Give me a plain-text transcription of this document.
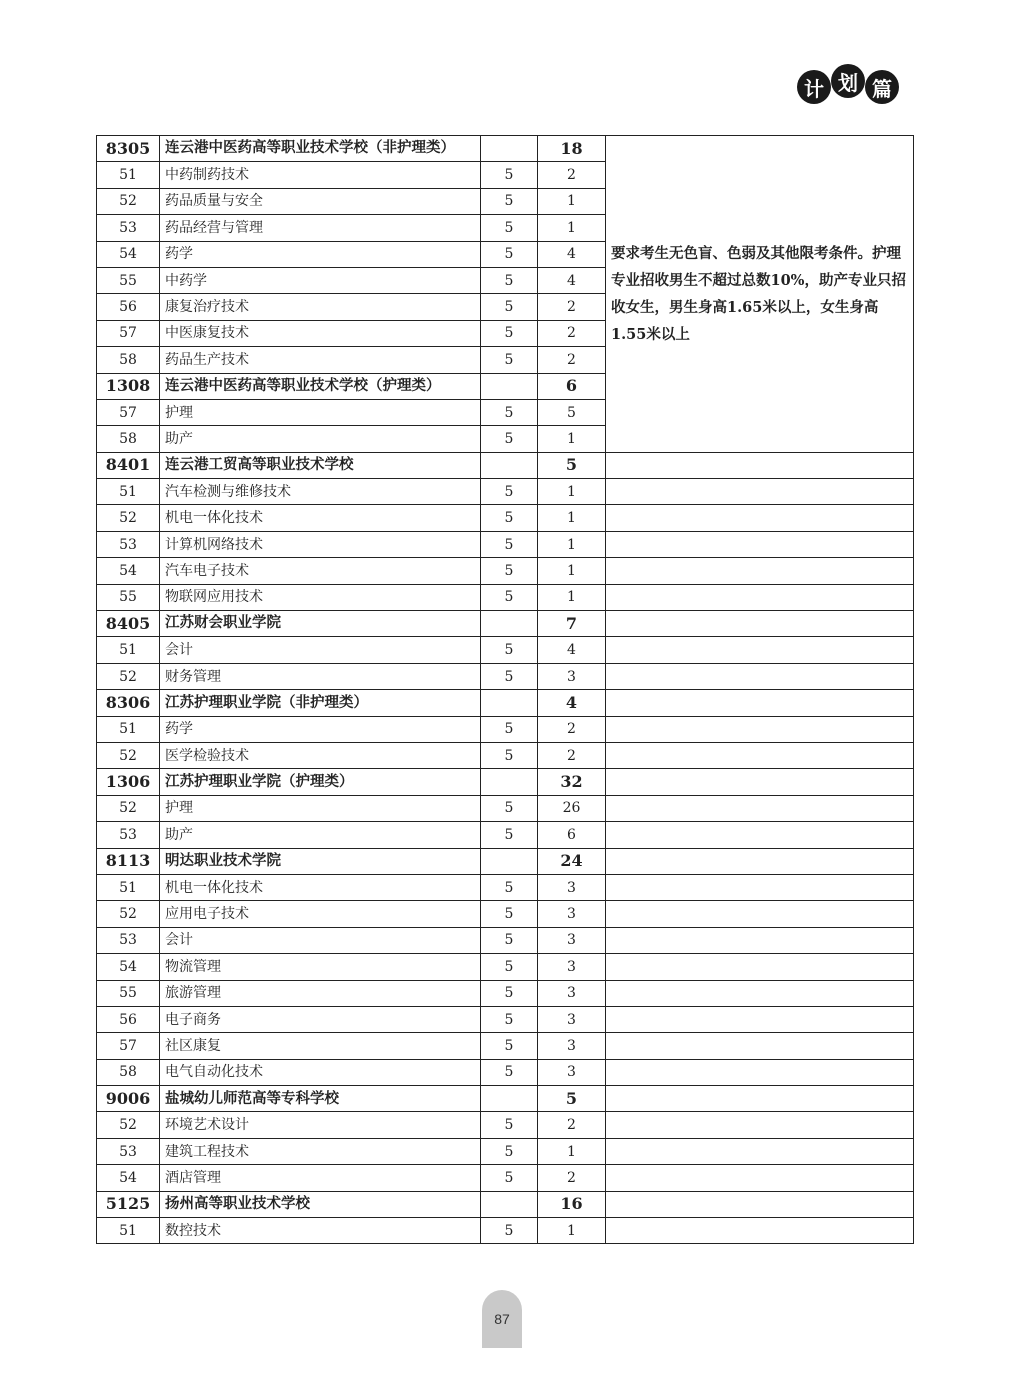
计 划 篇
8305	连云港中医药高等职业技术学校（非护理类）		18	要求考生无色盲、色弱及其他限考条件。护理专业招收男生不超过总数10%，助产专业只招收女生，男生身高1.65米以上，女生身高1.55米以上
51	中药制药技术	5	2	
52	药品质量与安全	5	1	
53	药品经营与管理	5	1	
54	药学	5	4	
55	中药学	5	4	
56	康复治疗技术	5	2	
57	中医康复技术	5	2	
58	药品生产技术	5	2	
1308	连云港中医药高等职业技术学校（护理类）		6	
57	护理	5	5	
58	助产	5	1	
8401	连云港工贸高等职业技术学校		5	
51	汽车检测与维修技术	5	1	
52	机电一体化技术	5	1	
53	计算机网络技术	5	1	
54	汽车电子技术	5	1	
55	物联网应用技术	5	1	
8405	江苏财会职业学院		7	
51	会计	5	4	
52	财务管理	5	3	
8306	江苏护理职业学院（非护理类）		4	
51	药学	5	2	
52	医学检验技术	5	2	
1306	江苏护理职业学院（护理类）		32	
52	护理	5	26	
53	助产	5	6	
8113	明达职业技术学院		24	
51	机电一体化技术	5	3	
52	应用电子技术	5	3	
53	会计	5	3	
54	物流管理	5	3	
55	旅游管理	5	3	
56	电子商务	5	3	
57	社区康复	5	3	
58	电气自动化技术	5	3	
9006	盐城幼儿师范高等专科学校		5	
52	环境艺术设计	5	2	
53	建筑工程技术	5	1	
54	酒店管理	5	2	
5125	扬州高等职业技术学校		16	
51	数控技术	5	1	
87
